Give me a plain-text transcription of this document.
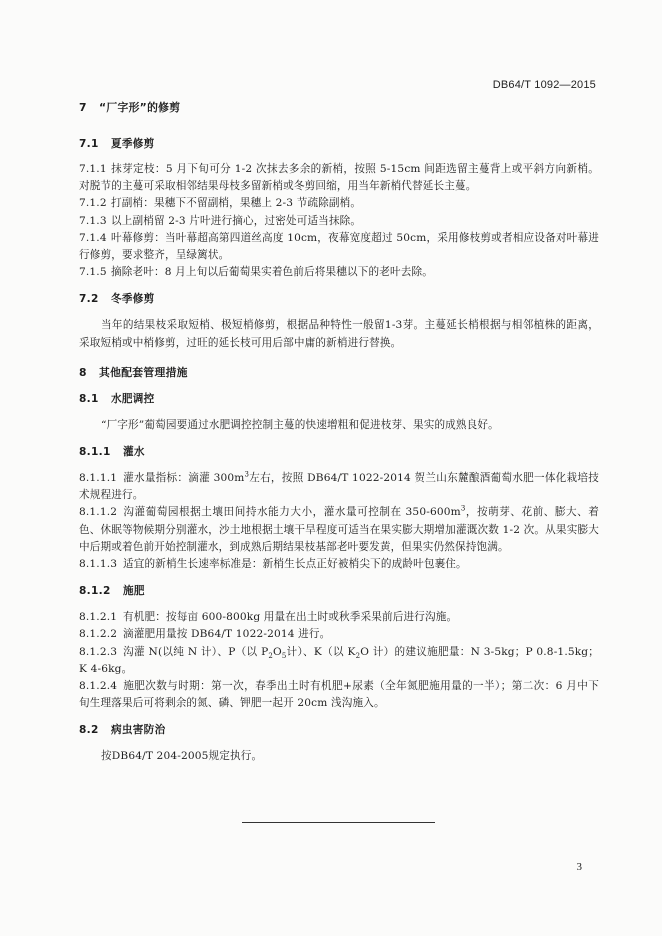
DB64/T 1092—2015
7 “厂字形”的修剪
7.1 夏季修剪

7.1.1 抹芽定枝：5 月下旬可分 1-2 次抹去多余的新梢，按照 5-15cm 间距选留主蔓背上或平斜方向新梢。对脱节的主蔓可采取相邻结果母枝多留新梢或冬剪回缩，用当年新梢代替延长主蔓。

7.1.2 打副梢：果穗下不留副梢，果穗上 2-3 节疏除副梢。

7.1.3 以上副梢留 2-3 片叶进行摘心，过密处可适当抹除。

7.1.4 叶幕修剪：当叶幕超高第四道丝高度 10cm，夜幕宽度超过 50cm，采用修枝剪或者相应设备对叶幕进行修剪，要求整齐，呈绿篱状。

7.1.5 摘除老叶：8 月上旬以后葡萄果实着色前后将果穗以下的老叶去除。

7.2 冬季修剪

当年的结果枝采取短梢、极短梢修剪，根据品种特性一般留1-3芽。主蔓延长梢根据与相邻植株的距离，采取短梢或中梢修剪，过旺的延长枝可用后部中庸的新梢进行替换。

8 其他配套管理措施
8.1 水肥调控

“厂字形”葡萄园要通过水肥调控控制主蔓的快速增粗和促进枝芽、果实的成熟良好。

8.1.1 灌水

8.1.1.1 灌水量指标：滴灌 $300m^3$左右，按照 DB64/T 1022-2014 贺兰山东麓酿酒葡萄水肥一体化栽培技术规程进行。

8.1.1.2 沟灌葡萄园根据土壤田间持水能力大小，灌水量可控制在 $350-600m^3$，按萌芽、花前、膨大、着色、休眠等物候期分别灌水，沙土地根据土壤干旱程度可适当在果实膨大期增加灌溉次数 1-2 次。从果实膨大中后期或着色前开始控制灌水，到成熟后期结果枝基部老叶要发黄，但果实仍然保持饱满。

8.1.1.3 适宜的新梢生长速率标准是：新梢生长点正好被梢尖下的成龄叶包裹住。

8.1.2 施肥

8.1.2.1 有机肥：按每亩 600-800kg 用量在出土时或秋季采果前后进行沟施。

8.1.2.2 滴灌肥用量按 DB64/T 1022-2014 进行。

8.1.2.3 沟灌 N(以纯 N 计）、P（以 $P_2O_5$计）、K（以 $K_2O$ 计）的建议施肥量：N 3-5kg；P 0.8-1.5kg；K 4-6kg。

8.1.2.4 施肥次数与时期：第一次，春季出土时有机肥+尿素（全年氮肥施用量的一半）；第二次：6 月中下旬生理落果后可将剩余的氮、磷、钾肥一起开 20cm 浅沟施入。

8.2 病虫害防治

按DB64/T 204-2005规定执行。

3
